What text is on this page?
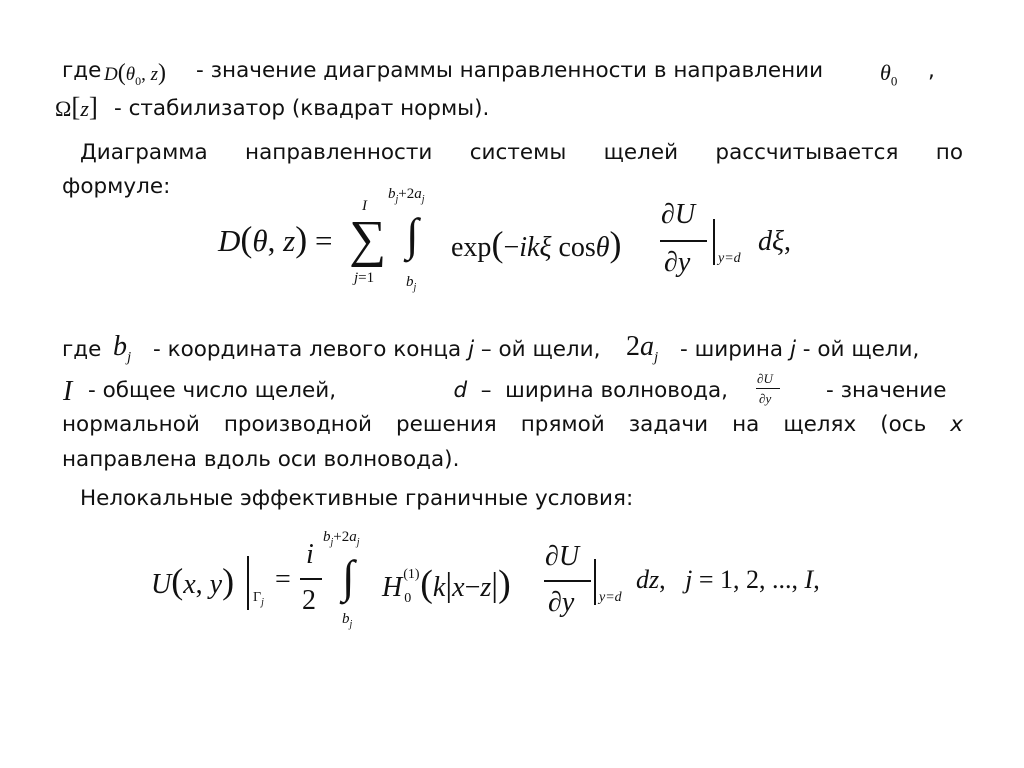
где $D(\theta_0$, z) - значение диаграммы направленности в направлении	$\theta_0$ ,
Ω[z] - стабилизатор (квадрат нормы).
Диаграмма направленности системы щелей рассчитывается по
формуле:
D(θ, z) = ∑
I
j=1
∫
$b_j+2a_j$
$b_j$
exp(−ikξ cosθ)
∂U
∂y y=d
dξ,
где $b_j$ - координата левого конца j – ой щели, $2a_j$ - ширина j - ой щели,
I - общее число щелей,	d  –  ширина волновода, ∂U
∂y	- значение
нормальной производной решения прямой задачи на щелях (ось x
направлена вдоль оси волновода).
Нелокальные эффективные граничные условия:
U(x, y) $\Gamma_j$
=
i
2 ∫
$b_j+2a_j$
$b_j$
H (1)
0 (k|x−z|)
∂U
∂y y=d
dz,   j = 1, 2, ..., I,
